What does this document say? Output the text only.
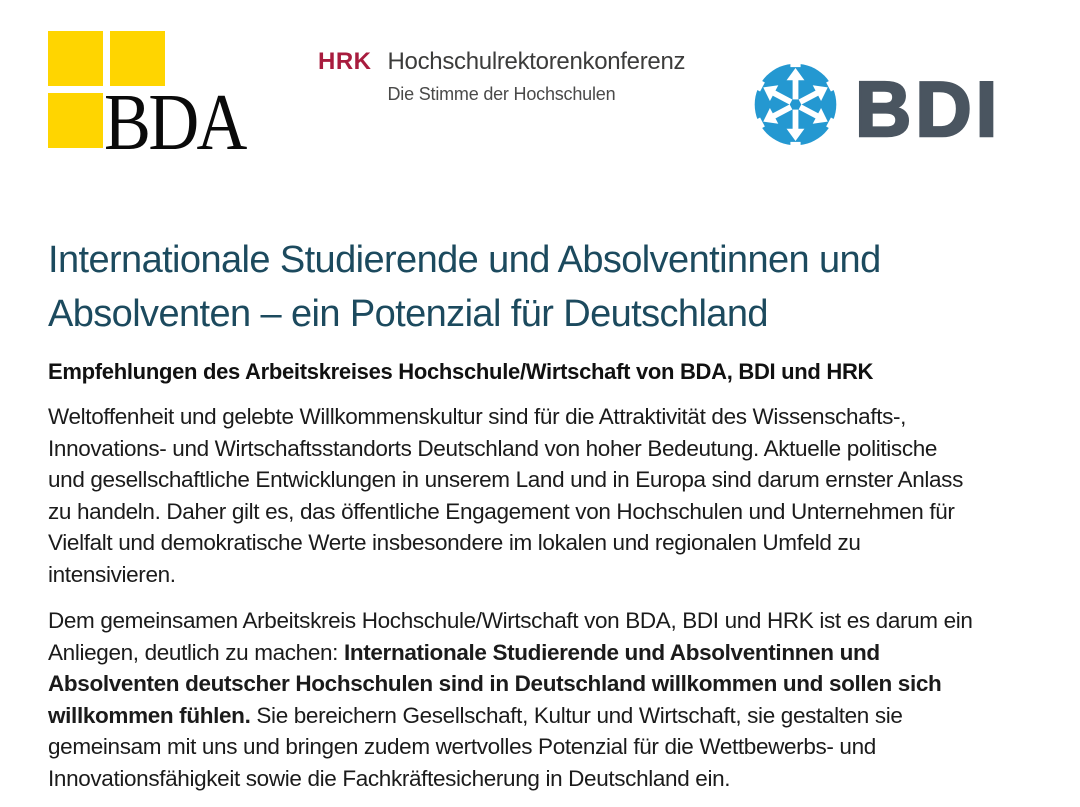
BDA
HRK Hochschulrektorenkonferenz
Die Stimme der Hochschulen	BDI
Internationale Studierende und Absolventinnen und
Absolventen – ein Potenzial für Deutschland
Empfehlungen des Arbeitskreises Hochschule/Wirtschaft von BDA, BDI und HRK

Weltoffenheit und gelebte Willkommenskultur sind für die Attraktivität des Wissenschafts-,
Innovations- und Wirtschaftsstandorts Deutschland von hoher Bedeutung. Aktuelle politische
und gesellschaftliche Entwicklungen in unserem Land und in Europa sind darum ernster Anlass
zu handeln. Daher gilt es, das öffentliche Engagement von Hochschulen und Unternehmen für
Vielfalt und demokratische Werte insbesondere im lokalen und regionalen Umfeld zu
intensivieren.

Dem gemeinsamen Arbeitskreis Hochschule/Wirtschaft von BDA, BDI und HRK ist es darum ein
Anliegen, deutlich zu machen: Internationale Studierende und Absolventinnen und
Absolventen deutscher Hochschulen sind in Deutschland willkommen und sollen sich
willkommen fühlen. Sie bereichern Gesellschaft, Kultur und Wirtschaft, sie gestalten sie
gemeinsam mit uns und bringen zudem wertvolles Potenzial für die Wettbewerbs- und
Innovationsfähigkeit sowie die Fachkräftesicherung in Deutschland ein.
